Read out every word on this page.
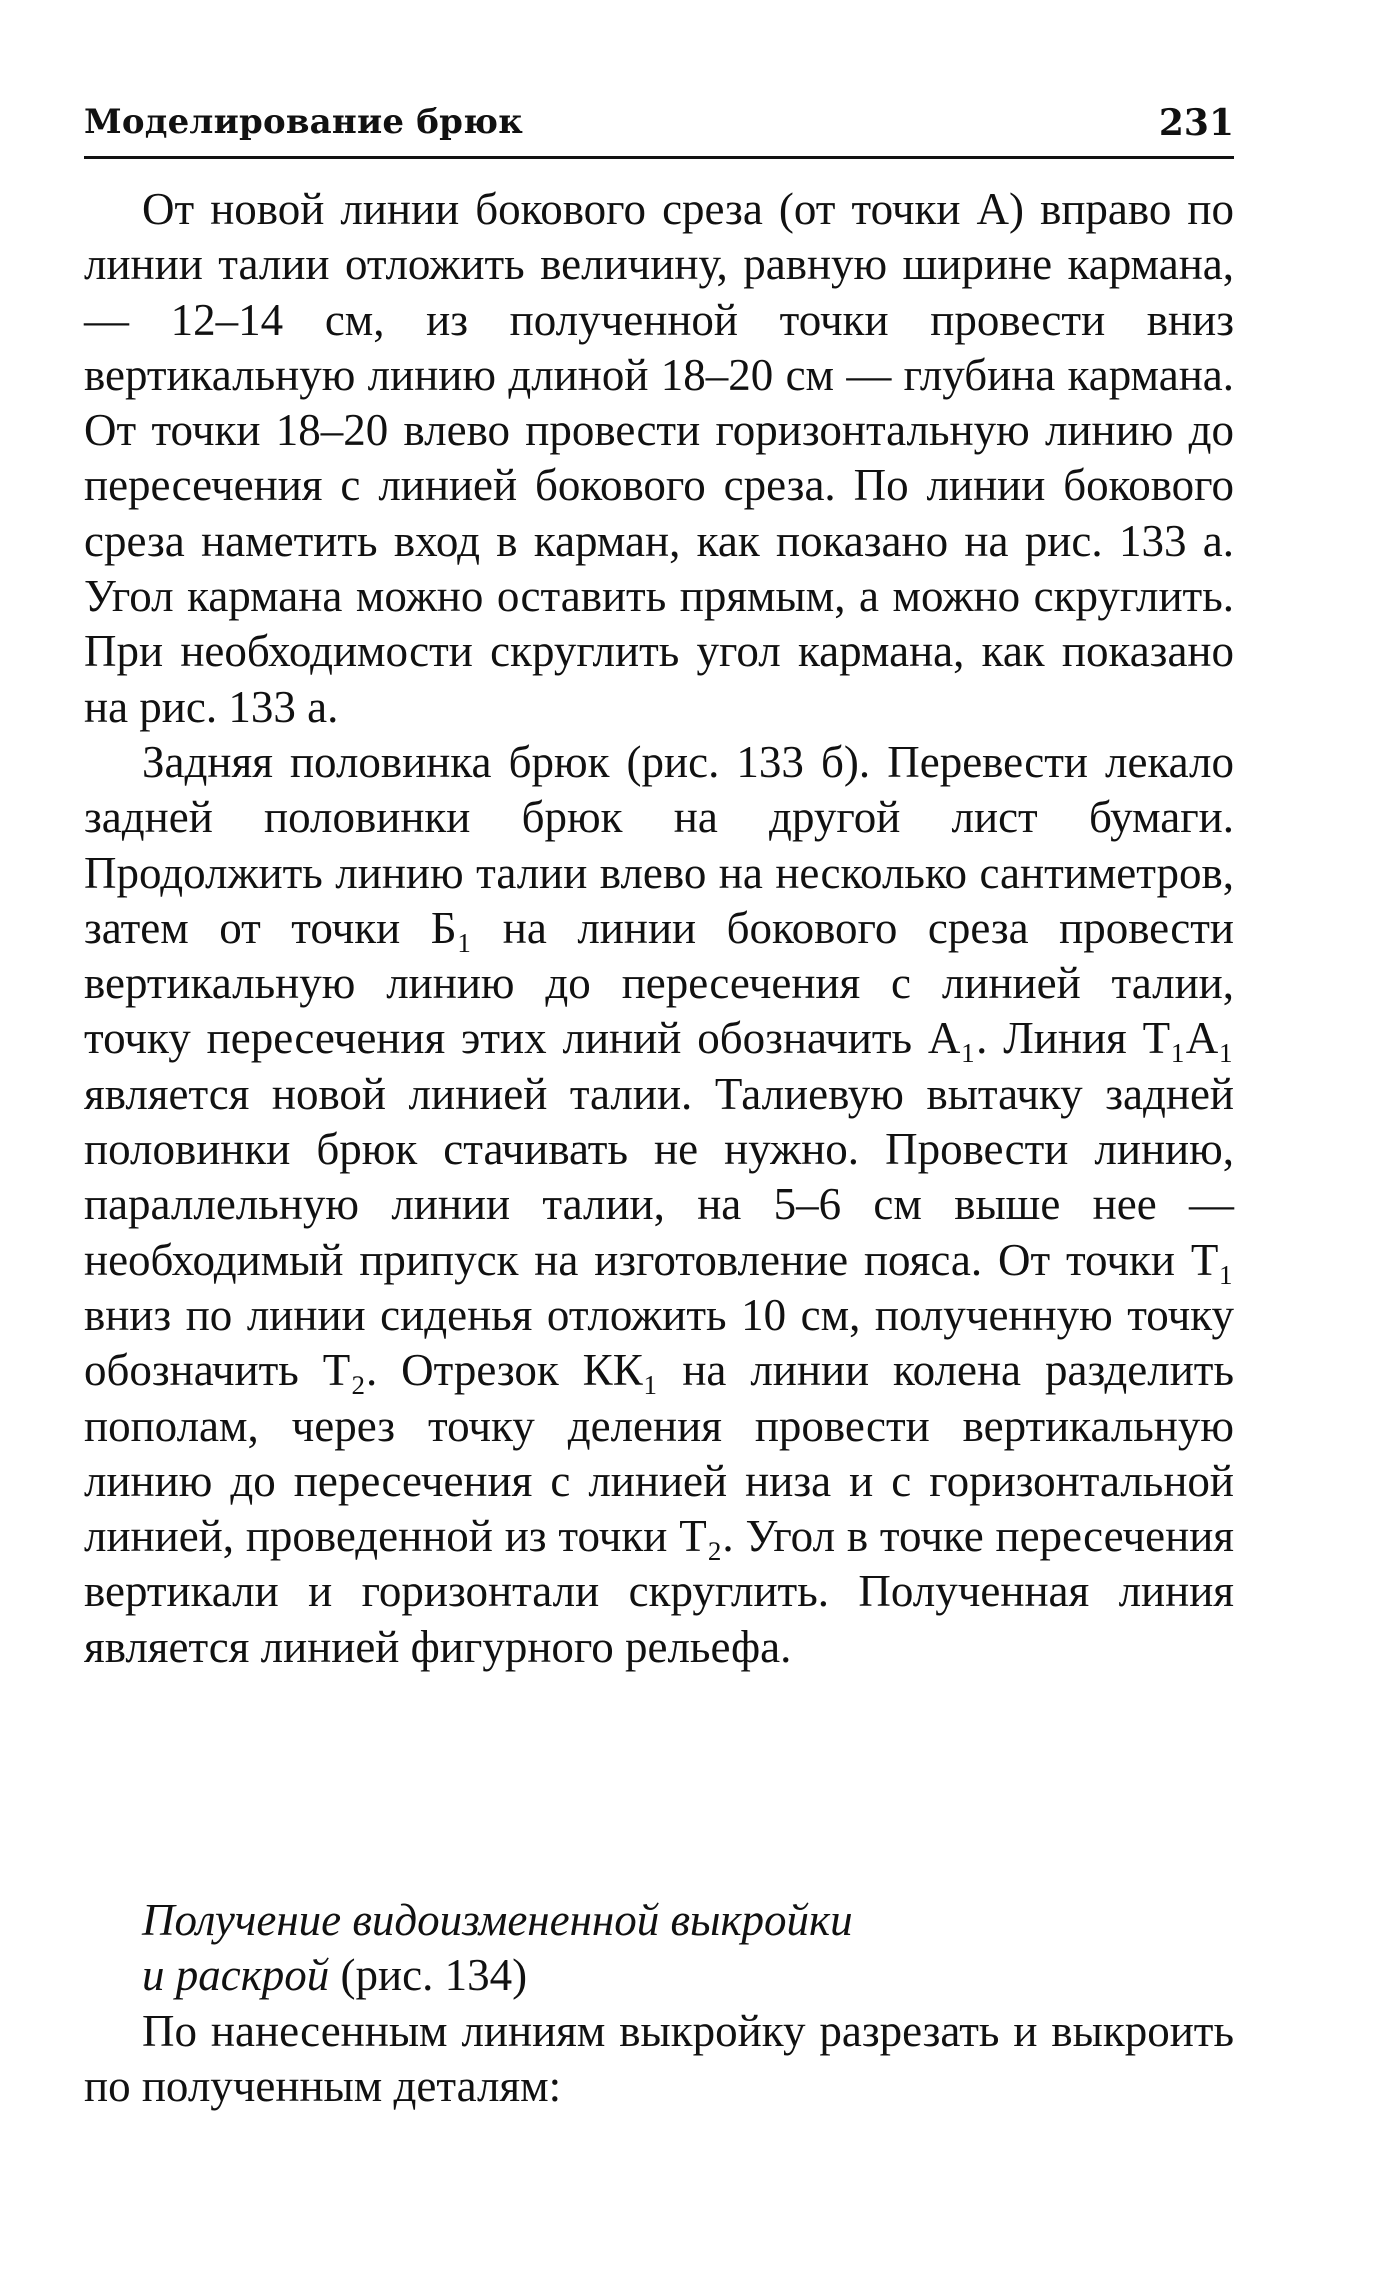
Моделирование брюк	231

От новой линии бокового среза (от точки А) вправо по линии талии отложить величину, равную ширине кармана, — 12–14 см, из полученной точки провести вниз вертикальную линию длиной 18–20 см — глубина кармана. От точки 18–20 влево провести горизонтальную линию до пересечения с линией бокового среза. По линии бокового среза наметить вход в карман, как показано на рис. 133 а. Угол кармана можно оставить прямым, а можно скруглить. При необходимости скруглить угол кармана, как показано на рис. 133 а.

Задняя половинка брюк (рис. 133 б). Перевести лекало задней половинки брюк на другой лист бумаги. Продолжить линию талии влево на несколько сантиметров, затем от точки Б₁ на линии бокового среза провести вертикальную линию до пересечения с линией талии, точку пересечения этих линий обозначить А₁. Линия Т₁А₁ является новой линией талии. Талиевую вытачку задней половинки брюк стачивать не нужно. Провести линию, параллельную линии талии, на 5–6 см выше нее — необходимый припуск на изготовление пояса. От точки Т₁ вниз по линии сиденья отложить 10 см, полученную точку обозначить Т₂. Отрезок КК₁ на линии колена разделить пополам, через точку деления провести вертикальную линию до пересечения с линией низа и с горизонтальной линией, проведенной из точки Т₂. Угол в точке пересечения вертикали и горизонтали скруглить. Полученная линия является линией фигурного рельефа.

Получение видоизмененной выкройки
и раскрой (рис. 134)

По нанесенным линиям выкройку разрезать и выкроить по полученным деталям:
